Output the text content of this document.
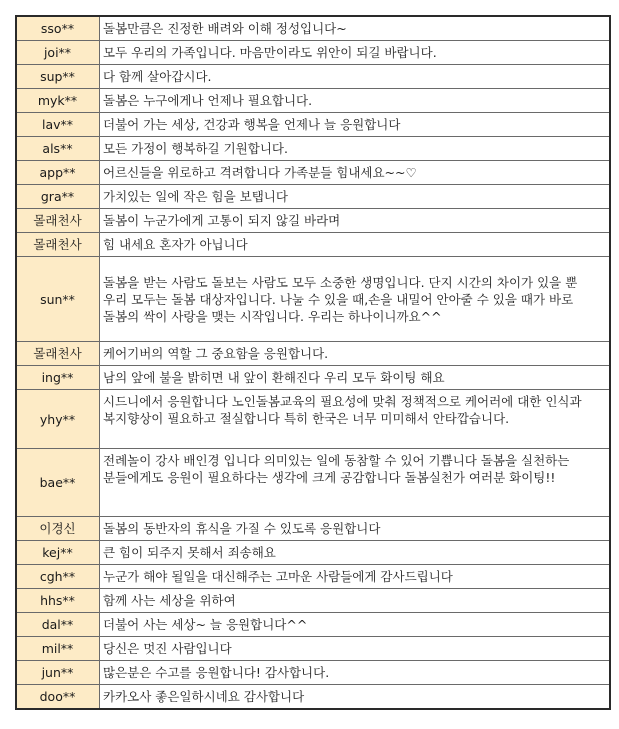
sso**	돌봄만큼은 진정한 배려와 이해 정성입니다~
joi**	모두 우리의 가족입니다. 마음만이라도 위안이 되길 바랍니다.
sup**	다 함께 살아갑시다.
myk**	돌봄은 누구에게나 언제나 필요합니다.
lav**	더불어 가는 세상, 건강과 행복을 언제나 늘 응원합니다
als**	모든 가정이 행복하길 기원합니다.
app**	어르신들을 위로하고 격려합니다 가족분들 힘내세요~~♡
gra**	가치있는 일에 작은 힘을 보탭니다
몰래천사	돌봄이 누군가에게 고통이 되지 않길 바라며
몰래천사	힘 내세요 혼자가 아닙니다
sun**	돌봄을 받는 사람도 돌보는 사람도 모두 소중한 생명입니다. 단지 시간의 차이가 있을 뿐 우리 모두는 돌봄 대상자입니다. 나눌 수 있을 때,손을 내밀어 안아줄 수 있을 때가 바로 돌봄의 싹이 사랑을 맺는 시작입니다. 우리는 하나이니까요^^
몰래천사	케어기버의 역할 그 중요함을 응원합니다.
ing**	남의 앞에 불을 밝히면 내 앞이 환해진다 우리 모두 화이팅 해요
yhy**	시드니에서 응원합니다 노인돌봄교육의 필요성에 맞춰 정책적으로 케어러에 대한 인식과 복지향상이 필요하고 절실합니다 특히 한국은 너무 미미해서 안타깝습니다.
bae**	전례놀이 강사 배인경 입니다 의미있는 일에 동참할 수 있어 기쁩니다 돌봄을 실천하는 분들에게도 응원이 필요하다는 생각에 크게 공감합니다 돌봄실천가 여러분 화이팅!!
이경신	돌봄의 동반자의 휴식을 가질 수 있도록 응원합니다
kej**	큰 힘이 되주지 못해서 죄송해요
cgh**	누군가 해야 될일을 대신해주는 고마운 사람들에게 감사드립니다
hhs**	함께 사는 세상을 위하여
dal**	더불어 사는 세상~ 늘 응원합니다^^
mil**	당신은 멋진 사람입니다
jun**	많은분은 수고를 응원합니다! 감사합니다.
doo**	카카오사 좋은일하시네요 감사합니다
